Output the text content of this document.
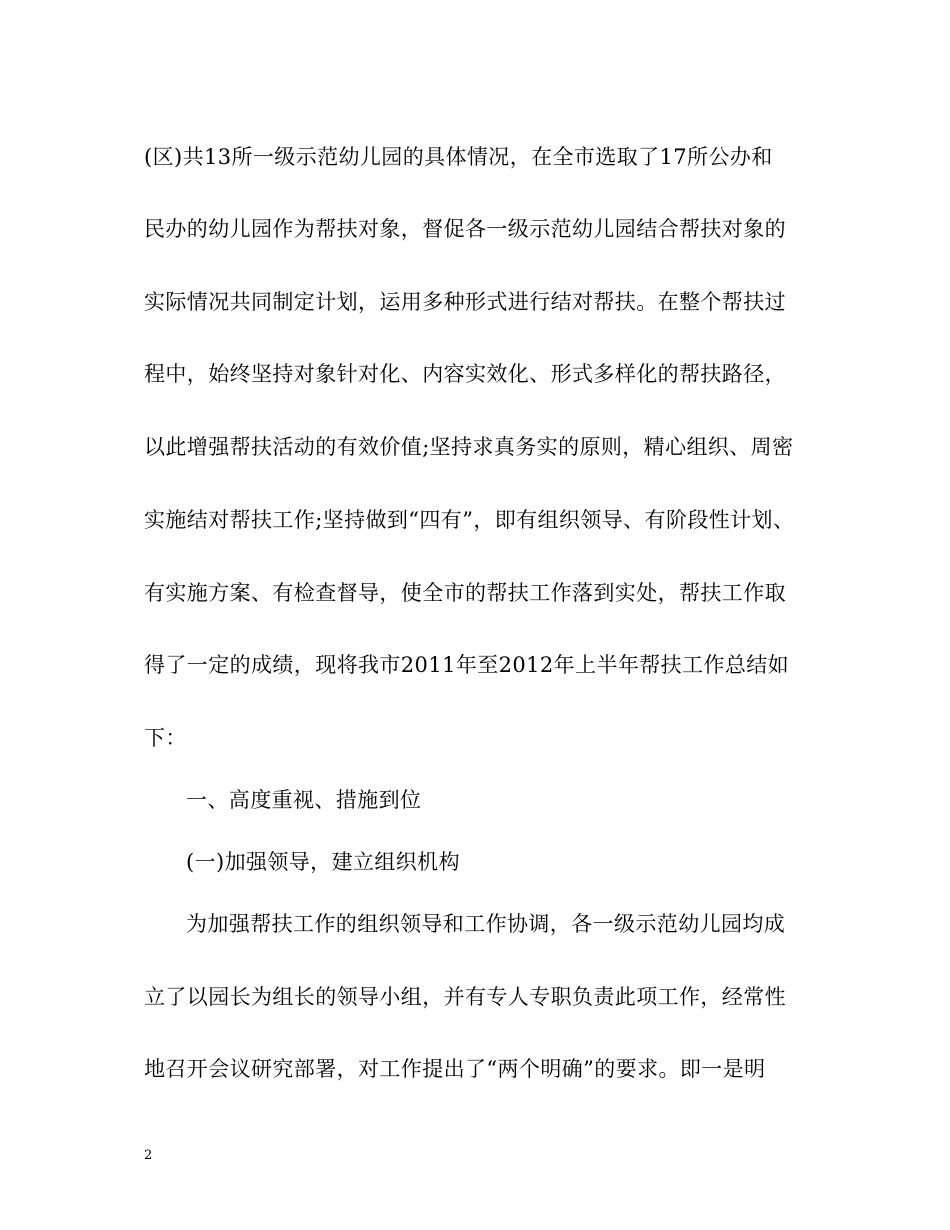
(区)共13所一级示范幼儿园的具体情况，在全市选取了17所公办和
民办的幼儿园作为帮扶对象，督促各一级示范幼儿园结合帮扶对象的
实际情况共同制定计划，运用多种形式进行结对帮扶。在整个帮扶过
程中，始终坚持对象针对化、内容实效化、形式多样化的帮扶路径，
以此增强帮扶活动的有效价值;坚持求真务实的原则，精心组织、周密
实施结对帮扶工作;坚持做到“四有”，即有组织领导、有阶段性计划、
有实施方案、有检查督导，使全市的帮扶工作落到实处，帮扶工作取
得了一定的成绩，现将我市2011年至2012年上半年帮扶工作总结如
下：
一、高度重视、措施到位
(一)加强领导，建立组织机构
为加强帮扶工作的组织领导和工作协调，各一级示范幼儿园均成
立了以园长为组长的领导小组，并有专人专职负责此项工作，经常性
地召开会议研究部署，对工作提出了“两个明确”的要求。即一是明
2
